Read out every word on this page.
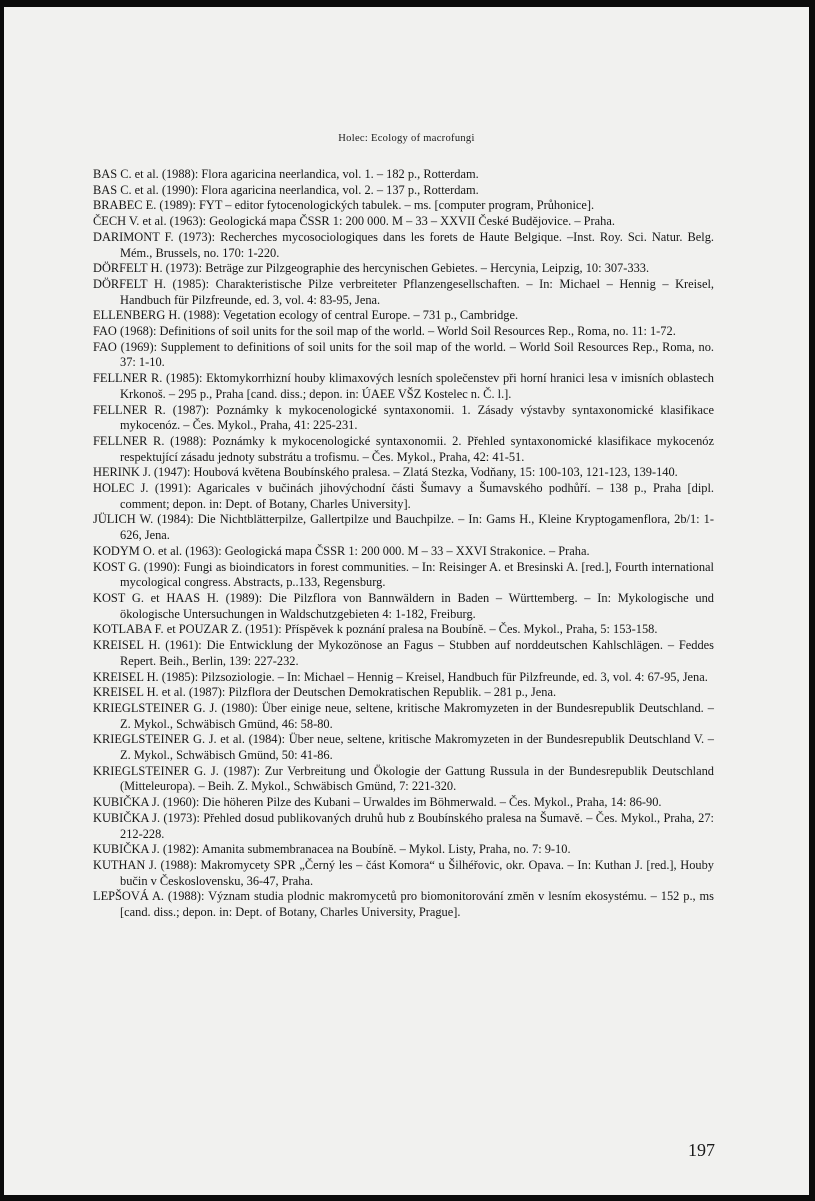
Holec: Ecology of macrofungi

BAS C. et al. (1988): Flora agaricina neerlandica, vol. 1. – 182 p., Rotterdam.

BAS C. et al. (1990): Flora agaricina neerlandica, vol. 2. – 137 p., Rotterdam.

BRABEC E. (1989): FYT – editor fytocenologických tabulek. – ms. [computer program, Průhonice].

ČECH V. et al. (1963): Geologická mapa ČSSR 1: 200 000. M – 33 – XXVII České Budějovice. – Praha.

DARIMONT F. (1973): Recherches mycosociologiques dans les forets de Haute Belgique. –Inst. Roy. Sci. Natur. Belg. Mém., Brussels, no. 170: 1-220.

DÖRFELT H. (1973): Beträge zur Pilzgeographie des hercynischen Gebietes. – Hercynia, Leipzig, 10: 307-333.

DÖRFELT H. (1985): Charakteristische Pilze verbreiteter Pflanzengesellschaften. – In: Michael – Hennig – Kreisel, Handbuch für Pilzfreunde, ed. 3, vol. 4: 83-95, Jena.

ELLENBERG H. (1988): Vegetation ecology of central Europe. – 731 p., Cambridge.

FAO (1968): Definitions of soil units for the soil map of the world. – World Soil Resources Rep., Roma, no. 11: 1-72.

FAO (1969): Supplement to definitions of soil units for the soil map of the world. – World Soil Resources Rep., Roma, no. 37: 1-10.

FELLNER R. (1985): Ektomykorrhizní houby klimaxových lesních společenstev při horní hranici lesa v imisních oblastech Krkonoš. – 295 p., Praha [cand. diss.; depon. in: ÚAEE VŠZ Kostelec n. Č. l.].

FELLNER R. (1987): Poznámky k mykocenologické syntaxonomii. 1. Zásady výstavby syntaxonomické klasifikace mykocenóz. – Čes. Mykol., Praha, 41: 225-231.

FELLNER R. (1988): Poznámky k mykocenologické syntaxonomii. 2. Přehled syntaxonomické klasifikace mykocenóz respektující zásadu jednoty substrátu a trofismu. – Čes. Mykol., Praha, 42: 41-51.

HERINK J. (1947): Houbová květena Boubínského pralesa. – Zlatá Stezka, Vodňany, 15: 100-103, 121-123, 139-140.

HOLEC J. (1991): Agaricales v bučinách jihovýchodní části Šumavy a Šumavského podhůří. – 138 p., Praha [dipl. comment; depon. in: Dept. of Botany, Charles University].

JÜLICH W. (1984): Die Nichtblätterpilze, Gallertpilze und Bauchpilze. – In: Gams H., Kleine Kryptogamenflora, 2b/1: 1-626, Jena.

KODYM O. et al. (1963): Geologická mapa ČSSR 1: 200 000. M – 33 – XXVI Strakonice. – Praha.

KOST G. (1990): Fungi as bioindicators in forest communities. – In: Reisinger A. et Bresinski A. [red.], Fourth international mycological congress. Abstracts, p..133, Regensburg.

KOST G. et HAAS H. (1989): Die Pilzflora von Bannwäldern in Baden – Württemberg. – In: Mykologische und ökologische Untersuchungen in Waldschutzgebieten 4: 1-182, Freiburg.

KOTLABA F. et POUZAR Z. (1951): Příspěvek k poznání pralesa na Boubíně. – Čes. Mykol., Praha, 5: 153-158.

KREISEL H. (1961): Die Entwicklung der Mykozönose an Fagus – Stubben auf norddeutschen Kahlschlägen. – Feddes Repert. Beih., Berlin, 139: 227-232.

KREISEL H. (1985): Pilzsoziologie. – In: Michael – Hennig – Kreisel, Handbuch für Pilzfreunde, ed. 3, vol. 4: 67-95, Jena.

KREISEL H. et al. (1987): Pilzflora der Deutschen Demokratischen Republik. – 281 p., Jena.

KRIEGLSTEINER G. J. (1980): Über einige neue, seltene, kritische Makromyzeten in der Bundesrepublik Deutschland. – Z. Mykol., Schwäbisch Gmünd, 46: 58-80.

KRIEGLSTEINER G. J. et al. (1984): Über neue, seltene, kritische Makromyzeten in der Bundesrepublik Deutschland V. – Z. Mykol., Schwäbisch Gmünd, 50: 41-86.

KRIEGLSTEINER G. J. (1987): Zur Verbreitung und Ökologie der Gattung Russula in der Bundesrepublik Deutschland (Mitteleuropa). – Beih. Z. Mykol., Schwäbisch Gmünd, 7: 221-320.

KUBIČKA J. (1960): Die höheren Pilze des Kubani – Urwaldes im Böhmerwald. – Čes. Mykol., Praha, 14: 86-90.

KUBIČKA J. (1973): Přehled dosud publikovaných druhů hub z Boubínského pralesa na Šumavě. – Čes. Mykol., Praha, 27: 212-228.

KUBIČKA J. (1982): Amanita submembranacea na Boubíně. – Mykol. Listy, Praha, no. 7: 9-10.

KUTHAN J. (1988): Makromycety SPR „Černý les – část Komora“ u Šilhéřovic, okr. Opava. – In: Kuthan J. [red.], Houby bučin v Československu, 36-47, Praha.

LEPŠOVÁ A. (1988): Význam studia plodnic makromycetů pro biomonitorování změn v lesním ekosystému. – 152 p., ms [cand. diss.; depon. in: Dept. of Botany, Charles University, Prague].

197
